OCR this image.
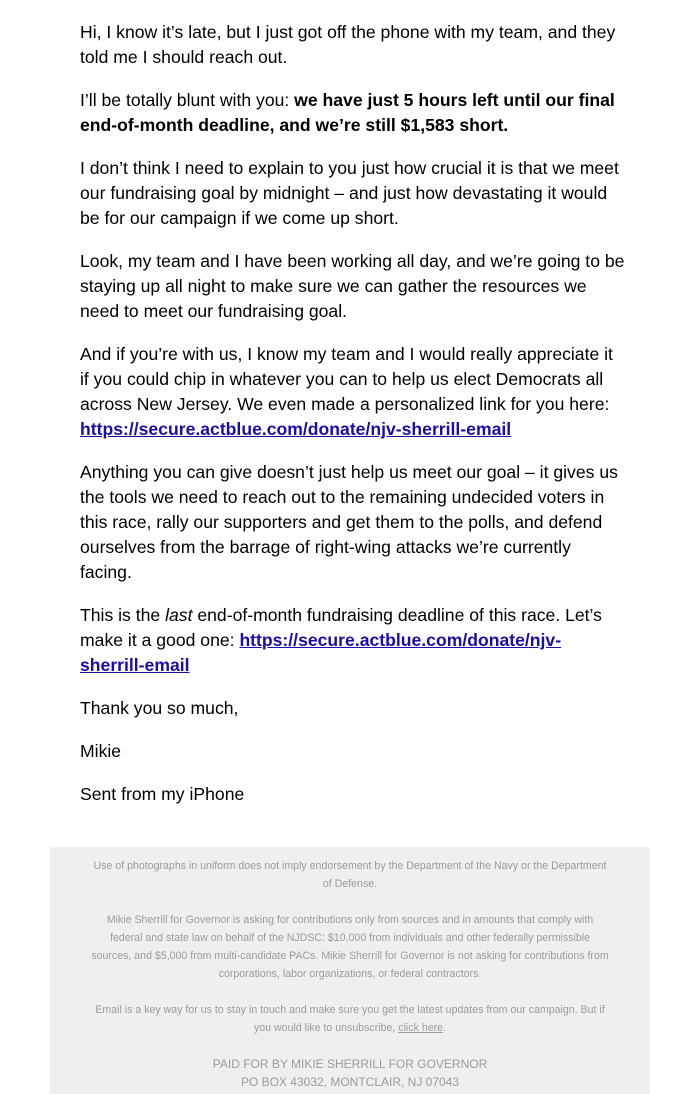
Hi, I know it’s late, but I just got off the phone with my team, and they told me I should reach out.

I’ll be totally blunt with you: we have just 5 hours left until our final end-of-month deadline, and we’re still $1,583 short.

I don’t think I need to explain to you just how crucial it is that we meet our fundraising goal by midnight – and just how devastating it would be for our campaign if we come up short.

Look, my team and I have been working all day, and we’re going to be staying up all night to make sure we can gather the resources we need to meet our fundraising goal.

And if you’re with us, I know my team and I would really appreciate it if you could chip in whatever you can to help us elect Democrats all across New Jersey. We even made a personalized link for you here: https://secure.actblue.com/donate/njv-sherrill-email

Anything you can give doesn’t just help us meet our goal – it gives us the tools we need to reach out to the remaining undecided voters in this race, rally our supporters and get them to the polls, and defend ourselves from the barrage of right-wing attacks we’re currently facing.

This is the last end-of-month fundraising deadline of this race. Let’s make it a good one: https://secure.actblue.com/donate/njv-sherrill-email

Thank you so much,

Mikie

Sent from my iPhone

Use of photographs in uniform does not imply endorsement by the Department of the Navy or the Department of Defense.

Mikie Sherrill for Governor is asking for contributions only from sources and in amounts that comply with federal and state law on behalf of the NJDSC: $10,000 from individuals and other federally permissible sources, and $5,000 from multi-candidate PACs. Mikie Sherrill for Governor is not asking for contributions from corporations, labor organizations, or federal contractors.

Email is a key way for us to stay in touch and make sure you get the latest updates from our campaign. But if you would like to unsubscribe, click here.

PAID FOR BY MIKIE SHERRILL FOR GOVERNOR

PO BOX 43032, MONTCLAIR, NJ 07043
